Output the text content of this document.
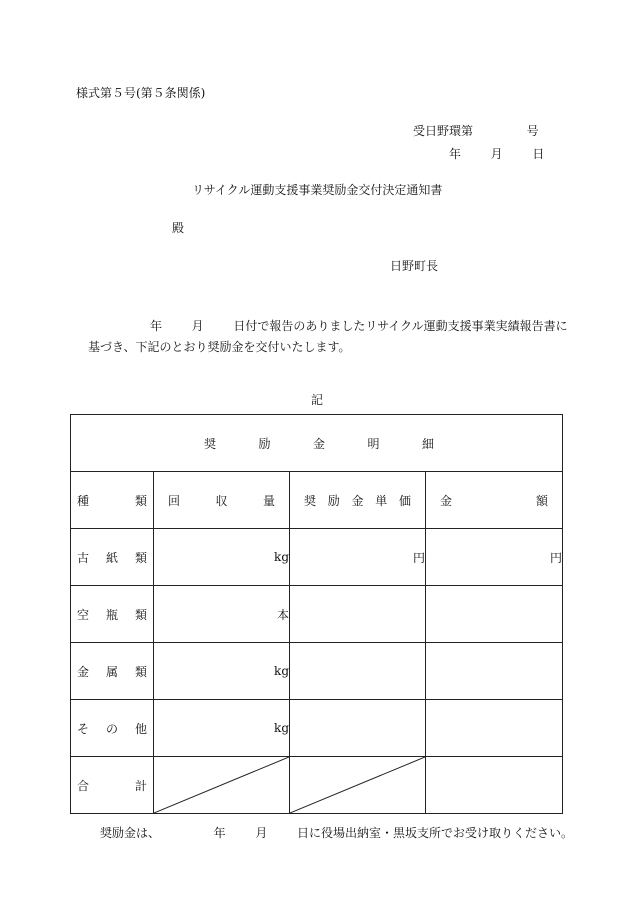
様式第５号(第５条関係)
受日野環第	号
年 月 日
リサイクル運動支援事業奨励金交付決定通知書
殿
日野町長
年 月 日付で報告のありましたリサイクル運動支援事業実績報告書に
基づき、下記のとおり奨励金を交付いたします。
記
奨 励 金 明 細			

種 類	回 収 量	奨 励 金 単 価	金 額

古 紙 類	kg	円	円

空 瓶 類	本		

金 属 類	kg		

そ の 他	kg		

合 計

奨励金は、	年 月 日に役場出納室・黒坂支所でお受け取りください。
